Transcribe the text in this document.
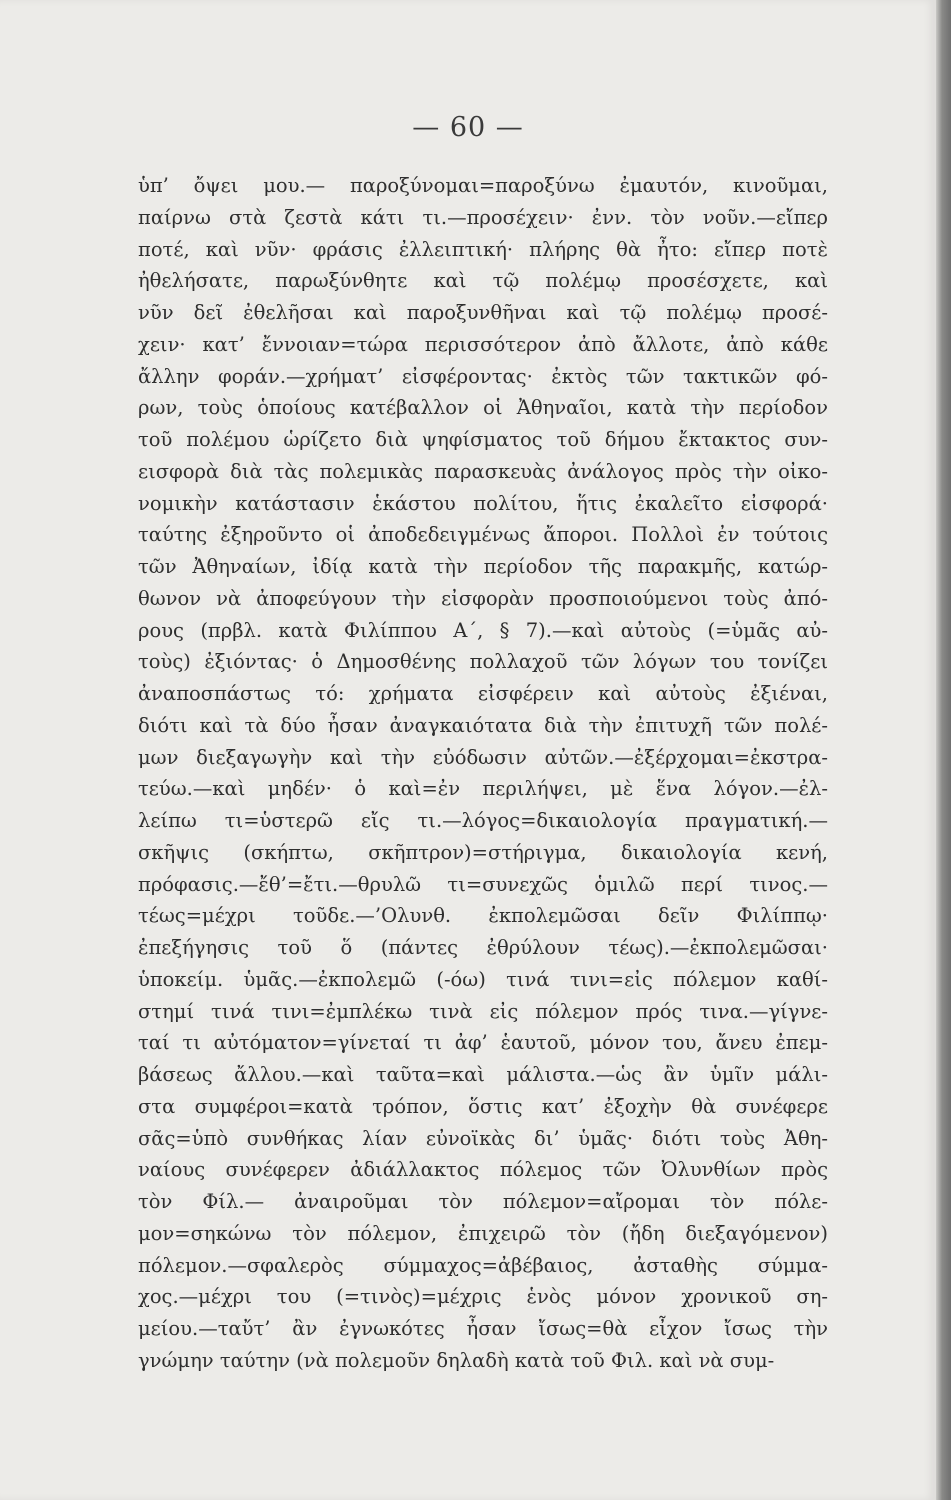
— 60 —
ὑπ’ ὄψει μου.— παροξύνομαι=παροξύνω ἐμαυτόν, κινοῦμαι,
παίρνω στὰ ζεστὰ κάτι τι.—προσέχειν· ἐνν. τὸν νοῦν.—εἴπερ
ποτέ, καὶ νῦν· φράσις ἐλλειπτική· πλήρης θὰ ἦτο: εἴπερ ποτὲ
ἠθελήσατε, παρωξύνθητε καὶ τῷ πολέμῳ προσέσχετε, καὶ
νῦν δεῖ ἐθελῆσαι καὶ παροξυνθῆναι καὶ τῷ πολέμῳ προσέ-
χειν· κατ’ ἔννοιαν=τώρα περισσότερον ἀπὸ ἄλλοτε, ἀπὸ κάθε
ἄλλην φοράν.—χρήματ’ εἰσφέροντας· ἐκτὸς τῶν τακτικῶν φό-
ρων, τοὺς ὁποίους κατέβαλλον οἱ Ἀθηναῖοι, κατὰ τὴν περίοδον
τοῦ πολέμου ὡρίζετο διὰ ψηφίσματος τοῦ δήμου ἔκτακτος συν-
εισφορὰ διὰ τὰς πολεμικὰς παρασκευὰς ἀνάλογος πρὸς τὴν οἰκο-
νομικὴν κατάστασιν ἑκάστου πολίτου, ἥτις ἐκαλεῖτο εἰσφορά·
ταύτης ἐξηροῦντο οἱ ἀποδεδειγμένως ἄποροι. Πολλοὶ ἐν τούτοις
τῶν Ἀθηναίων, ἰδίᾳ κατὰ τὴν περίοδον τῆς παρακμῆς, κατώρ-
θωνον νὰ ἀποφεύγουν τὴν εἰσφορὰν προσποιούμενοι τοὺς ἀπό-
ρους (πρβλ. κατὰ Φιλίππου Α΄, § 7).—καὶ αὐτοὺς (=ὑμᾶς αὐ-
τοὺς) ἐξιόντας· ὁ Δημοσθένης πολλαχοῦ τῶν λόγων του τονίζει
ἀναποσπάστως τό: χρήματα εἰσφέρειν καὶ αὐτοὺς ἐξιέναι,
διότι καὶ τὰ δύο ἦσαν ἀναγκαιότατα διὰ τὴν ἐπιτυχῆ τῶν πολέ-
μων διεξαγωγὴν καὶ τὴν εὐόδωσιν αὐτῶν.—ἐξέρχομαι=ἐκστρα-
τεύω.—καὶ μηδέν· ὁ καὶ=ἐν περιλήψει, μὲ ἕνα λόγον.—ἐλ-
λείπω τι=ὑστερῶ εἴς τι.—λόγος=δικαιολογία πραγματική.—
σκῆψις (σκήπτω, σκῆπτρον)=στήριγμα, δικαιολογία κενή,
πρόφασις.—ἔθ’=ἔτι.—θρυλῶ τι=συνεχῶς ὁμιλῶ περί τινος.—
τέως=μέχρι τοῦδε.—’Ολυνθ. ἐκπολεμῶσαι δεῖν Φιλίππῳ·
ἐπεξήγησις τοῦ ὅ (πάντες ἐθρύλουν τέως).—ἐκπολεμῶσαι·
ὑποκείμ. ὑμᾶς.—ἐκπολεμῶ (-όω) τινά τινι=εἰς πόλεμον καθί-
στημί τινά τινι=ἐμπλέκω τινὰ εἰς πόλεμον πρός τινα.—γίγνε-
ταί τι αὐτόματον=γίνεταί τι ἀφ’ ἑαυτοῦ, μόνον του, ἄνευ ἐπεμ-
βάσεως ἄλλου.—καὶ ταῦτα=καὶ μάλιστα.—ὡς ἂν ὑμῖν μάλι-
στα συμφέροι=κατὰ τρόπον, ὅστις κατ’ ἐξοχὴν θὰ συνέφερε
σᾶς=ὑπὸ συνθήκας λίαν εὐνοϊκὰς δι’ ὑμᾶς· διότι τοὺς Ἀθη-
ναίους συνέφερεν ἀδιάλλακτος πόλεμος τῶν Ὀλυνθίων πρὸς
τὸν Φίλ.— ἀναιροῦμαι τὸν πόλεμον=αἴρομαι τὸν πόλε-
μον=σηκώνω τὸν πόλεμον, ἐπιχειρῶ τὸν (ἤδη διεξαγόμενον)
πόλεμον.—σφαλερὸς σύμμαχος=ἀβέβαιος, ἀσταθὴς σύμμα-
χος.—μέχρι του (=τινὸς)=μέχρις ἑνὸς μόνον χρονικοῦ ση-
μείου.—ταὔτ’ ἂν ἐγνωκότες ἦσαν ἴσως=θὰ εἶχον ἴσως τὴν
γνώμην ταύτην (νὰ πολεμοῦν δηλαδὴ κατὰ τοῦ Φιλ. καὶ νὰ συμ-
